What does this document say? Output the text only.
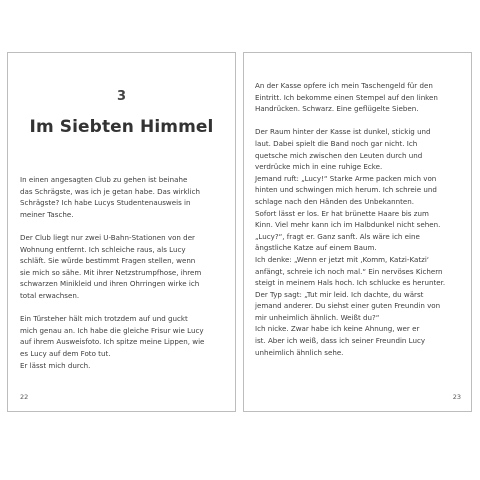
3
Im Siebten Himmel
In einen angesagten Club zu gehen ist beinahe
das Schrägste, was ich je getan habe. Das wirklich
Schrägste? Ich habe Lucys Studentenausweis in
meiner Tasche.
Der Club liegt nur zwei U-Bahn-Stationen von der
Wohnung entfernt. Ich schleiche raus, als Lucy
schläft. Sie würde bestimmt Fragen stellen, wenn
sie mich so sähe. Mit ihrer Netzstrumpfhose, ihrem
schwarzen Minikleid und ihren Ohrringen wirke ich
total erwachsen.
Ein Türsteher hält mich trotzdem auf und guckt
mich genau an. Ich habe die gleiche Frisur wie Lucy
auf ihrem Ausweisfoto. Ich spitze meine Lippen, wie
es Lucy auf dem Foto tut.
Er lässt mich durch.
22
An der Kasse opfere ich mein Taschengeld für den
Eintritt. Ich bekomme einen Stempel auf den linken
Handrücken. Schwarz. Eine geflügelte Sieben.
Der Raum hinter der Kasse ist dunkel, stickig und
laut. Dabei spielt die Band noch gar nicht. Ich
quetsche mich zwischen den Leuten durch und
verdrücke mich in eine ruhige Ecke.
Jemand ruft: „Lucy!“ Starke Arme packen mich von
hinten und schwingen mich herum. Ich schreie und
schlage nach den Händen des Unbekannten.
Sofort lässt er los. Er hat brünette Haare bis zum
Kinn. Viel mehr kann ich im Halbdunkel nicht sehen.
„Lucy?“, fragt er. Ganz sanft. Als wäre ich eine
ängstliche Katze auf einem Baum.
Ich denke: „Wenn er jetzt mit ‚Komm, Katzi-Katzi‘
anfängt, schreie ich noch mal.“ Ein nervöses Kichern
steigt in meinem Hals hoch. Ich schlucke es herunter.
Der Typ sagt: „Tut mir leid. Ich dachte, du wärst
jemand anderer. Du siehst einer guten Freundin von
mir unheimlich ähnlich. Weißt du?“
Ich nicke. Zwar habe ich keine Ahnung, wer er
ist. Aber ich weiß, dass ich seiner Freundin Lucy
unheimlich ähnlich sehe.
23
